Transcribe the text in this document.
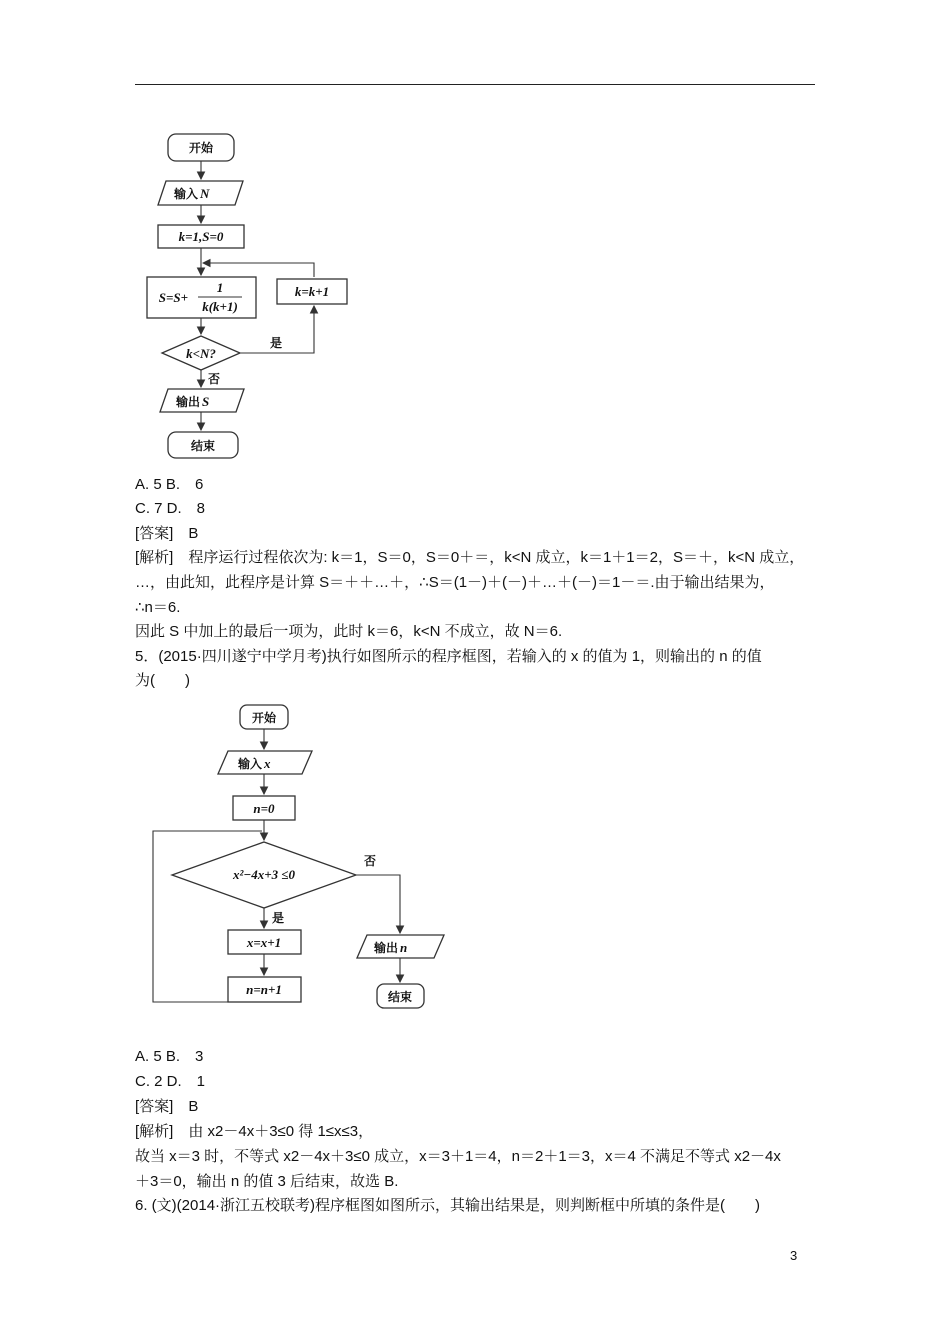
开始
输入 N
k=1,S=0
S=S+
1
k(k+1)
k=k+1
k<N?
是
否
输出 S
结束
A. 5 B.　6
C. 7 D.　8
[答案]　B
[解析]　程序运行过程依次为: k＝1，S＝0，S＝0＋＝，k<N 成立，k＝1＋1＝2，S＝＋，k<N 成立，
…，由此知，此程序是计算 S＝＋＋…＋，∴S＝(1－)＋(－)＋…＋(－)＝1－＝.由于输出结果为，
∴n＝6.
因此 S 中加上的最后一项为，此时 k＝6，k<N 不成立，故 N＝6.
5．(2015·四川遂宁中学月考)执行如图所示的程序框图，若输入的 x 的值为 1，则输出的 n 的值
为(　　)
开始
输入 x
n=0
x²−4x+3 ≤0
否
是
x=x+1
n=n+1
输出 n
结束
A. 5 B.　3
C. 2 D.　1
[答案]　B
[解析]　由 x2－4x＋3≤0 得 1≤x≤3，
故当 x＝3 时，不等式 x2－4x＋3≤0 成立，x＝3＋1＝4，n＝2＋1＝3，x＝4 不满足不等式 x2－4x
＋3＝0，输出 n 的值 3 后结束，故选 B.
6. (文)(2014·浙江五校联考)程序框图如图所示，其输出结果是，则判断框中所填的条件是(　　)
3
